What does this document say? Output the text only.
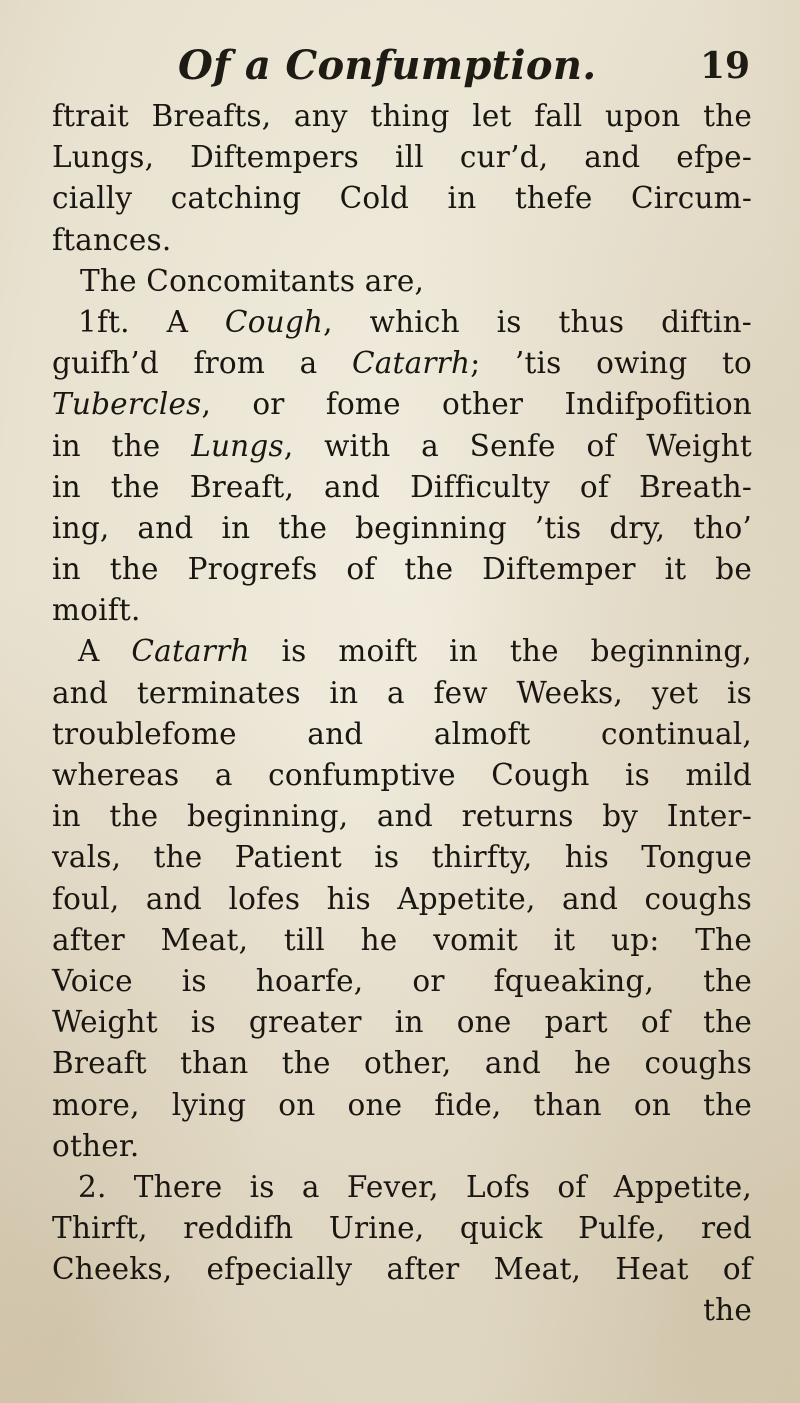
Of a Confumption.	19
ftrait Breafts, any thing let fall upon the
Lungs, Diftempers ill cur’d, and efpe-
cially catching Cold in thefe Circum-
ftances.
The Concomitants are,
1ft. A Cough, which is thus diftin-
guifh’d from a Catarrh; ’tis owing to
Tubercles, or fome other Indifpofition
in the Lungs, with a Senfe of Weight
in the Breaft, and Difficulty of Breath-
ing, and in the beginning ’tis dry, tho’
in the Progrefs of the Diftemper it be
moift.
A Catarrh is moift in the beginning,
and terminates in a few Weeks, yet is
troublefome and almoft continual,
whereas a confumptive Cough is mild
in the beginning, and returns by Inter-
vals, the Patient is thirfty, his Tongue
foul, and lofes his Appetite, and coughs
after Meat, till he vomit it up: The
Voice is hoarfe, or fqueaking, the
Weight is greater in one part of the
Breaft than the other, and he coughs
more, lying on one fide, than on the
other.
2. There is a Fever, Lofs of Appetite,
Thirft, reddifh Urine, quick Pulfe, red
Cheeks, efpecially after Meat, Heat of
the
